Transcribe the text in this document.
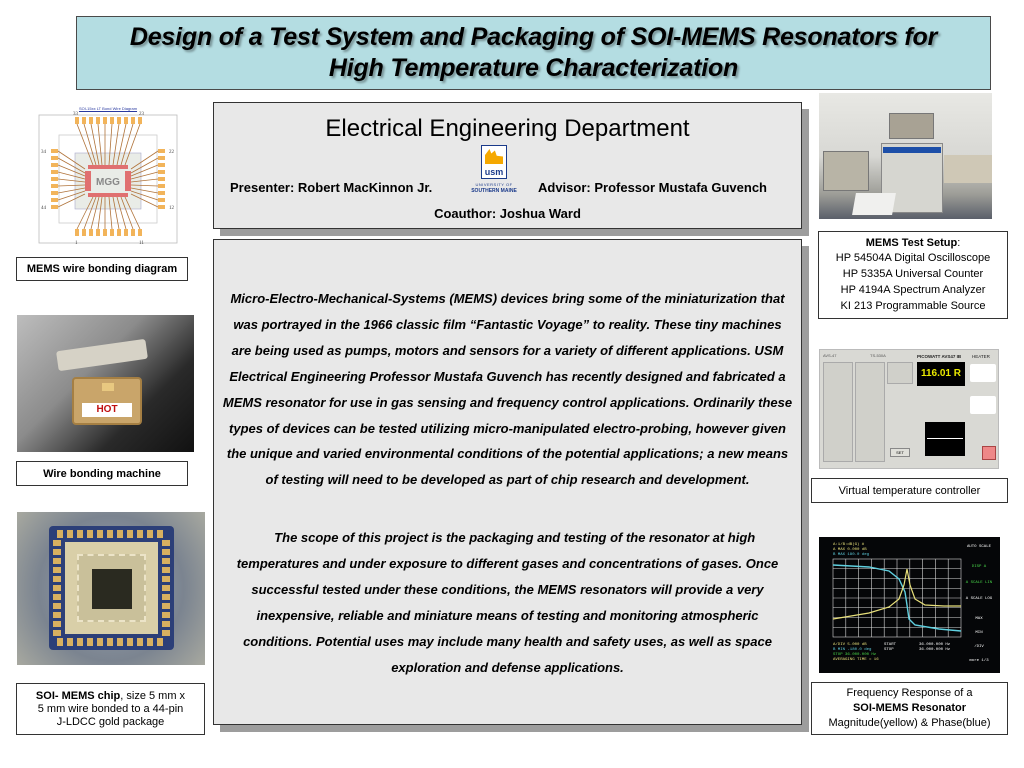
Design of a Test System and Packaging of SOI-MEMS Resonators for
High Temperature Characterization
Electrical Engineering Department
usm
UNIVERSITY OF
SOUTHERN MAINE
Presenter: Robert MacKinnon Jr.	Advisor: Professor Mustafa Guvench
Coauthor: Joshua Ward
Micro-Electro-Mechanical-Systems (MEMS) devices bring some of the miniaturization that was portrayed in the 1966 classic film “Fantastic Voyage” to reality. These tiny machines are being used as pumps, motors and sensors for a variety of different applications. USM Electrical Engineering Professor Mustafa Guvench has recently designed and fabricated a MEMS resonator for use in gas sensing and frequency control applications. Ordinarily these types of devices can be tested utilizing micro-manipulated electro-probing, however given the unique and varied environmental conditions of the potential applications; a new means of testing will need to be developed as part of chip research and development.
The scope of this project is the packaging and testing of the resonator at high temperatures and under exposure to different gases and concentrations of gases. Once successful tested under these conditions, the MEMS resonators will provide a very inexpensive, reliable and miniature means of testing and monitoring atmospheric conditions. Potential uses may include many health and safety uses, as well as space exploration and defense applications.
SOI-15xx LT Bond Wire Diagram
MGG
33	23
34	22
44	12
1	11
MEMS wire bonding diagram
HOT
Wire bonding machine
SOI- MEMS chip, size 5 mm x
5 mm wire bonded to a 44-pin
J-LDCC gold package
MEMS Test Setup:
HP 54504A Digital Oscilloscope
HP 5335A Universal Counter
HP 4194A Spectrum Analyzer
KI 213 Programmable Source
AVS-47	TS-530A	PICOWATT AVS47 IB HEATER
116.01 R
SET
Virtual temperature controller
A:1/B:dB(G) #
A MAX 0.000 dB
B MAX 180.0 deg
A/DIV 5.000 dB
B MIN -180.0 deg
STOP 36.000.000 Hz
AVERAGING TIME = 16
START
STOP
36.000.000 Hz
36.000.000 Hz
AUTO SCALE
DISP A
A SCALE LIN
A SCALE LOG
MAX
MIN
/DIV
more 1/3
Frequency Response of a
SOI-MEMS Resonator
Magnitude(yellow) & Phase(blue)
